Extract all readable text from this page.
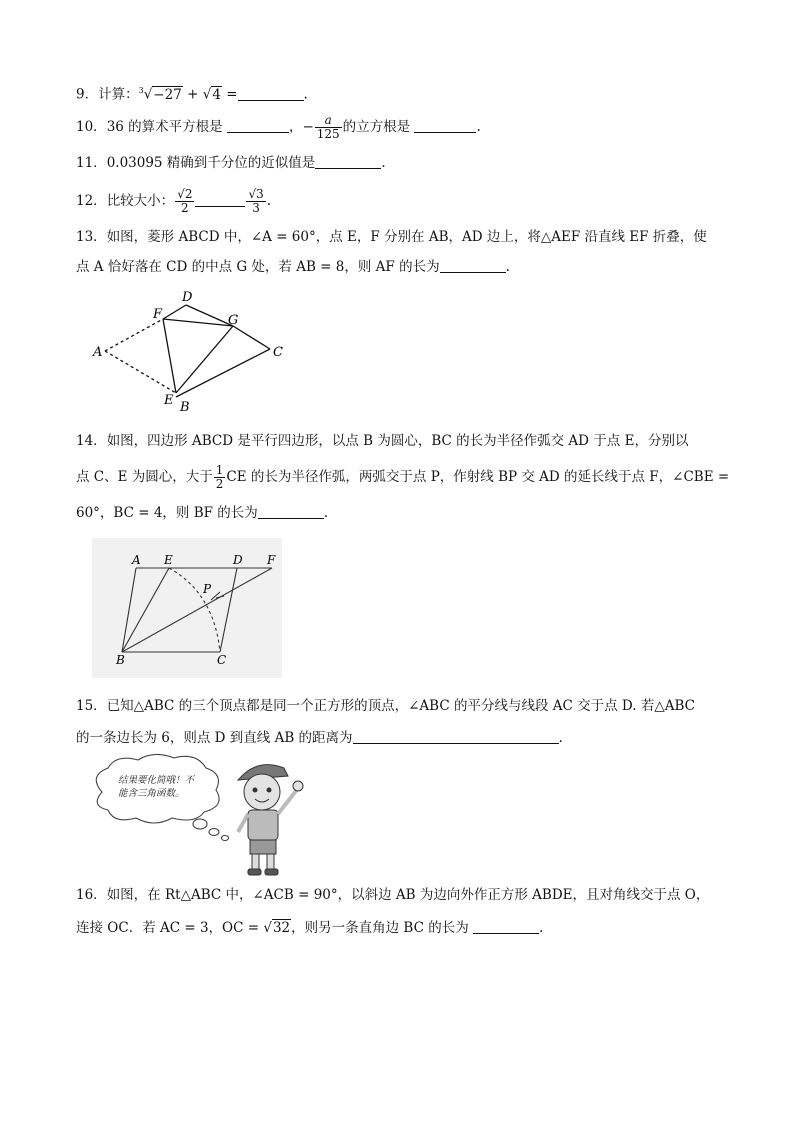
9．计算：$^3$√−27 + √4 =	.
10．36 的算术平方根是	，− $\frac{a}{125}$ 的立方根是	.
11．0.03095 精确到千分位的近似值是	.
12．比较大小： $\frac{√2}{2}$	$\frac{√3}{3}$ .
13．如图，菱形 ABCD 中，∠A = 60°，点 E，F 分别在 AB，AD 边上，将△AEF 沿直线 EF 折叠，使
点 A 恰好落在 CD 的中点 G 处，若 AB = 8，则 AF 的长为	.
A
D
F	G
C
E B
14．如图，四边形 ABCD 是平行四边形，以点 B 为圆心，BC 的长为半径作弧交 AD 于点 E，分别以
点 C、E 为圆心，大于 $\frac{1}{2}$ CE 的长为半径作弧，两弧交于点 P，作射线 BP 交 AD 的延长线于点 F，∠CBE =
60°，BC = 4，则 BF 的长为	.
A E	D F
P
B	C
15．已知△ABC 的三个顶点都是同一个正方形的顶点，∠ABC 的平分线与线段 AC 交于点 D. 若△ABC
的一条边长为 6，则点 D 到直线 AB 的距离为	.
结果要化简哦！不
能含三角函数。
16．如图，在 Rt△ABC 中，∠ACB = 90°，以斜边 AB 为边向外作正方形 ABDE，且对角线交于点 O，
连接 OC．若 AC = 3，OC = √32，则另一条直角边 BC 的长为	.
